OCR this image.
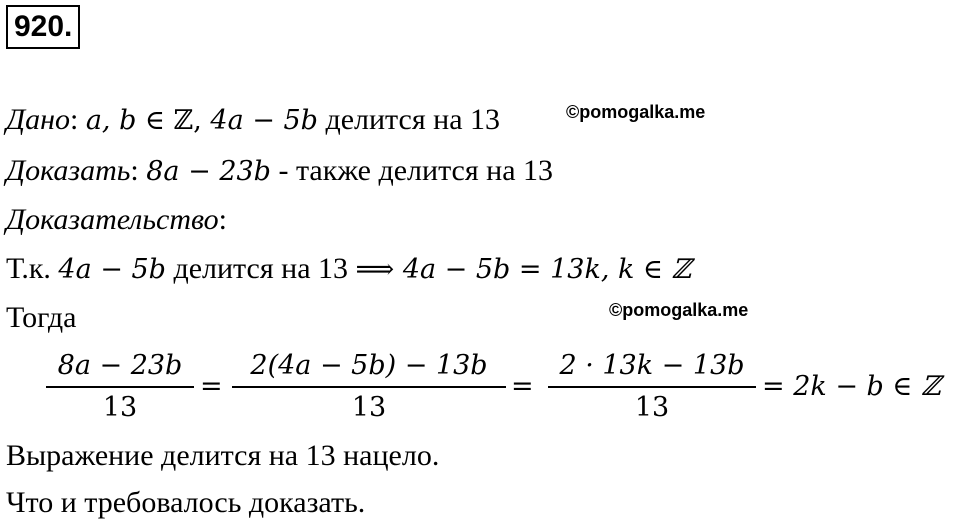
920.
Дано: a, b ∈ ℤ, 4a − 5b делится на 13	©pomogalka.me
Доказать: 8a − 23b - также делится на 13
Доказательство:
Т.к. 4a − 5b делится на 13 ⟹ 4a − 5b = 13k, k ∈ ℤ
Тогда	©pomogalka.me
8a − 23b
13
=
2(4a − 5b) − 13b
13
=
2 · 13k − 13b
13
= 2k − b ∈ ℤ
Выражение делится на 13 нацело.
Что и требовалось доказать.
